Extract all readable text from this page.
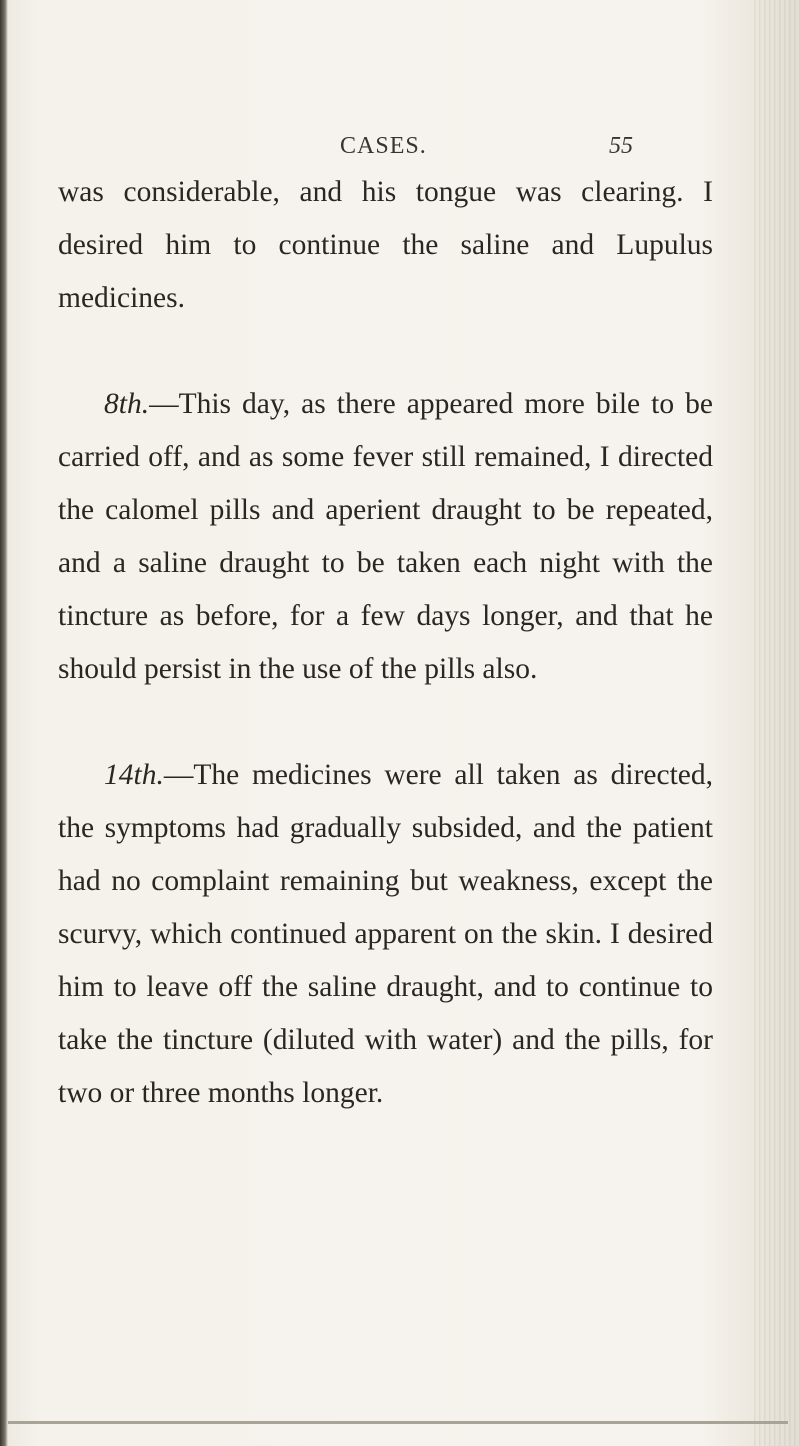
CASES.	55

was considerable, and his tongue was clearing. I desired him to continue the saline and Lupulus medicines.

8th.—This day, as there appeared more bile to be carried off, and as some fever still remained, I directed the calomel pills and aperient draught to be repeated, and a saline draught to be taken each night with the tincture as before, for a few days longer, and that he should persist in the use of the pills also.

14th.—The medicines were all taken as directed, the symptoms had gradually subsided, and the patient had no complaint remaining but weakness, except the scurvy, which continued apparent on the skin. I desired him to leave off the saline draught, and to continue to take the tincture (diluted with water) and the pills, for two or three months longer.
